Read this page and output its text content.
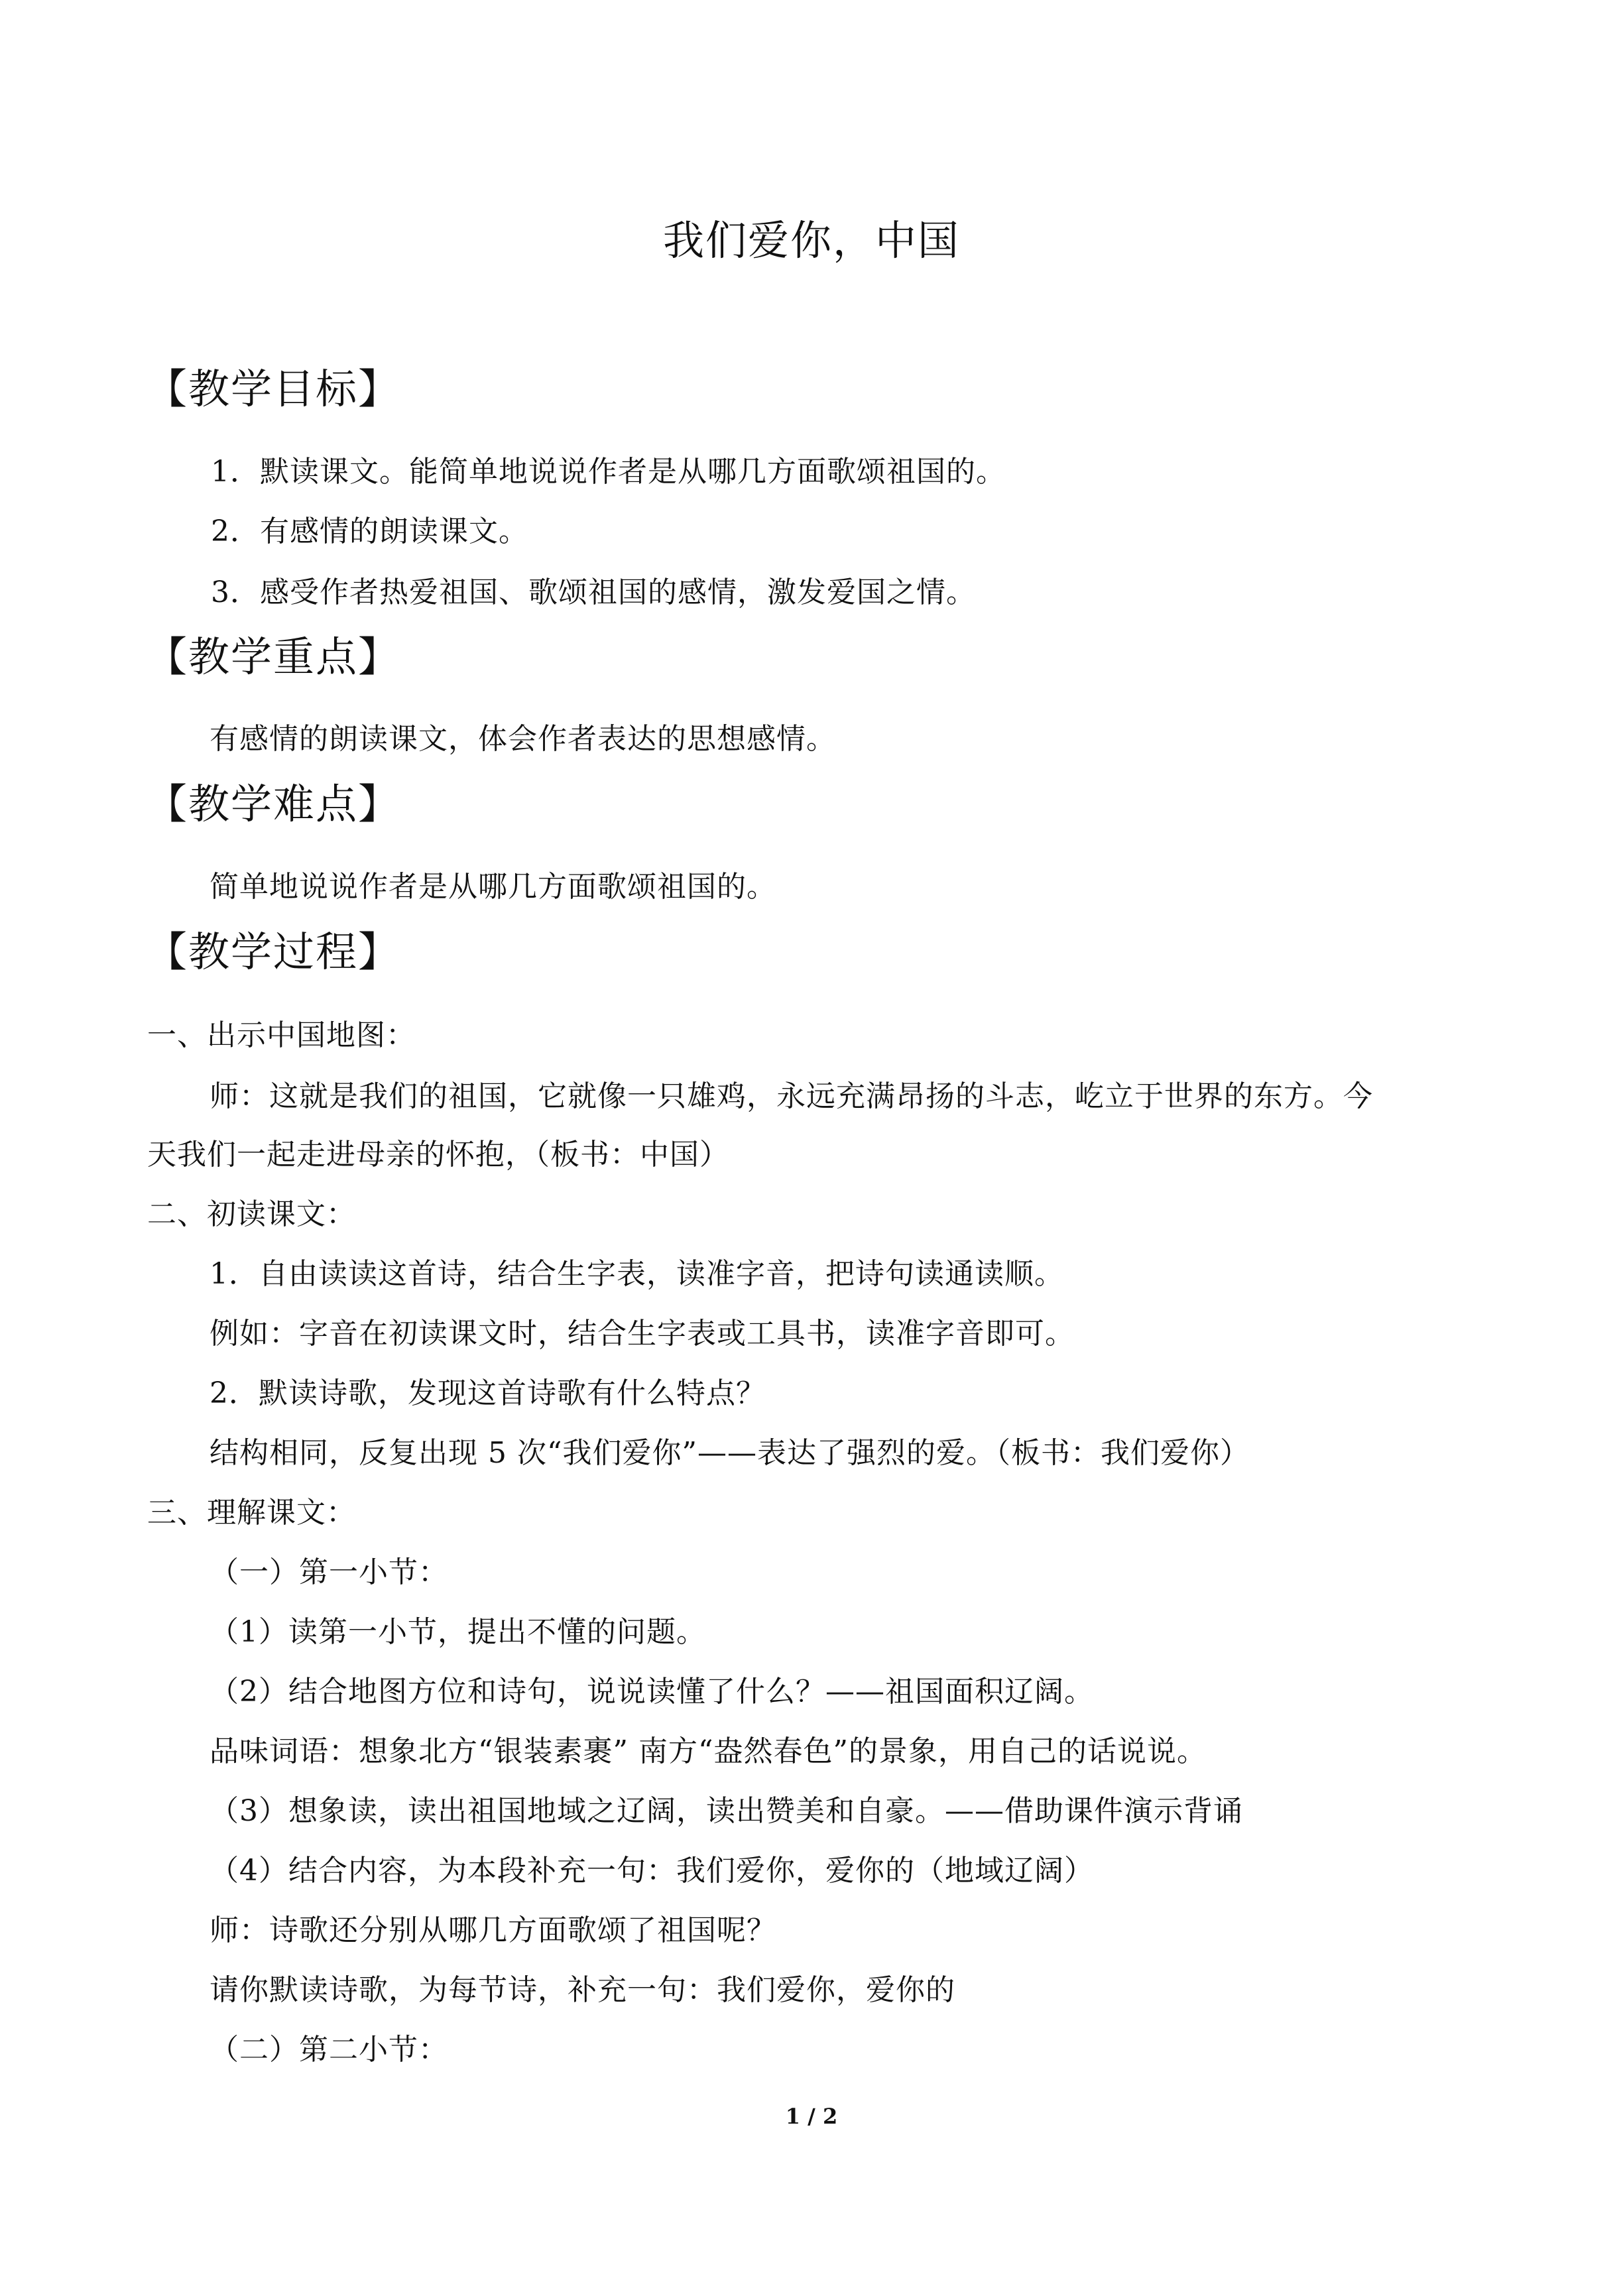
我们爱你，中国
【教学目标】
1．默读课文。能简单地说说作者是从哪几方面歌颂祖国的。
2．有感情的朗读课文。
3．感受作者热爱祖国、歌颂祖国的感情，激发爱国之情。
【教学重点】
有感情的朗读课文，体会作者表达的思想感情。
【教学难点】
简单地说说作者是从哪几方面歌颂祖国的。
【教学过程】
一、出示中国地图：
师：这就是我们的祖国，它就像一只雄鸡，永远充满昂扬的斗志，屹立于世界的东方。今
天我们一起走进母亲的怀抱，（板书：中国）
二、初读课文：
1．自由读读这首诗，结合生字表，读准字音，把诗句读通读顺。
例如：字音在初读课文时，结合生字表或工具书，读准字音即可。
2．默读诗歌，发现这首诗歌有什么特点？
结构相同，反复出现 5 次“我们爱你”——表达了强烈的爱。（板书：我们爱你）
三、理解课文：
（一）第一小节：
（1）读第一小节，提出不懂的问题。
（2）结合地图方位和诗句，说说读懂了什么？——祖国面积辽阔。
品味词语：想象北方“银装素裹” 南方“盎然春色”的景象，用自己的话说说。
（3）想象读，读出祖国地域之辽阔，读出赞美和自豪。——借助课件演示背诵
（4）结合内容，为本段补充一句：我们爱你，爱你的（地域辽阔）
师：诗歌还分别从哪几方面歌颂了祖国呢？
请你默读诗歌，为每节诗，补充一句：我们爱你，爱你的
（二）第二小节：
1 / 2
